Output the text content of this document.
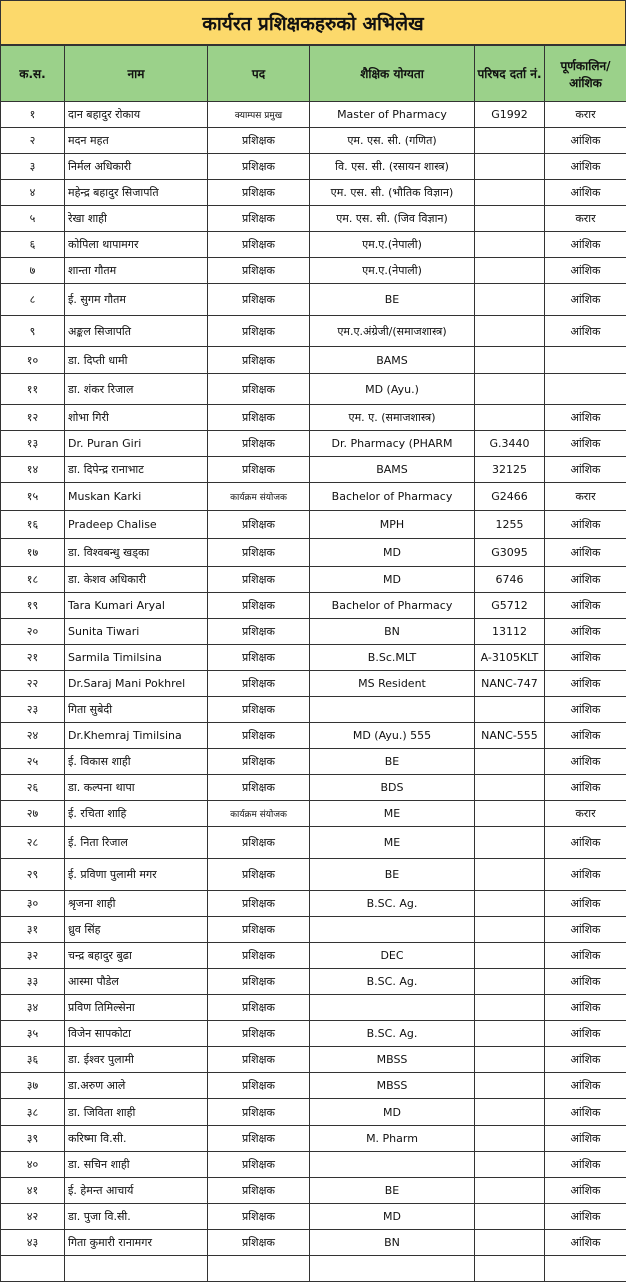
कार्यरत प्रशिक्षकहरुको अभिलेख
क.स.	नाम	पद	शैक्षिक योग्यता	परिषद दर्ता नं.	पूर्णकालिन/ आंशिक
१	दान बहादुर रोकाय	क्याम्पस प्रमुख	Master of Pharmacy	G1992	करार
२	मदन महत	प्रशिक्षक	एम. एस. सी. (गणित)		आंशिक
३	निर्मल अधिकारी	प्रशिक्षक	वि. एस. सी. (रसायन शास्त्र)		आंशिक
४	महेन्द्र बहादुर सिजापति	प्रशिक्षक	एम. एस. सी. (भौतिक विज्ञान)		आंशिक
५	रेखा शाही	प्रशिक्षक	एम. एस. सी. (जिव विज्ञान)		करार
६	कोपिला थापामगर	प्रशिक्षक	एम.ए.(नेपाली)		आंशिक
७	शान्ता गौतम	प्रशिक्षक	एम.ए.(नेपाली)		आंशिक
८	ई. सुगम गौतम	प्रशिक्षक	BE		आंशिक
९	अङ्कल सिजापति	प्रशिक्षक	एम.ए.अंग्रेजी/(समाजशास्त्र)		आंशिक
१०	डा. दिप्ती धामी	प्रशिक्षक	BAMS		
११	डा. शंकर रिजाल	प्रशिक्षक	MD (Ayu.)		
१२	शोभा गिरी	प्रशिक्षक	एम. ए. (समाजशास्त्र)		आंशिक
१३	Dr. Puran Giri	प्रशिक्षक	Dr. Pharmacy (PHARM	G.3440	आंशिक
१४	डा. दिपेन्द्र रानाभाट	प्रशिक्षक	BAMS	32125	आंशिक
१५	Muskan Karki	कार्यक्रम संयोजक	Bachelor of Pharmacy	G2466	करार
१६	Pradeep Chalise	प्रशिक्षक	MPH	1255	आंशिक
१७	डा. विश्वबन्धु खड्का	प्रशिक्षक	MD	G3095	आंशिक
१८	डा. केशव अधिकारी	प्रशिक्षक	MD	6746	आंशिक
१९	Tara Kumari Aryal	प्रशिक्षक	Bachelor of Pharmacy	G5712	आंशिक
२०	Sunita Tiwari	प्रशिक्षक	BN	13112	आंशिक
२१	Sarmila Timilsina	प्रशिक्षक	B.Sc.MLT	A-3105KLT	आंशिक
२२	Dr.Saraj Mani Pokhrel	प्रशिक्षक	MS Resident	NANC-747	आंशिक
२३	गिता सुबेदी	प्रशिक्षक			आंशिक
२४	Dr.Khemraj Timilsina	प्रशिक्षक	MD (Ayu.) 555	NANC-555	आंशिक
२५	ई. विकास शाही	प्रशिक्षक	BE		आंशिक
२६	डा. कल्पना थापा	प्रशिक्षक	BDS		आंशिक
२७	ई. रचिता शाहि	कार्यक्रम संयोजक	ME		करार
२८	ई. निता रिजाल	प्रशिक्षक	ME		आंशिक
२९	ई. प्रविणा पुलामी मगर	प्रशिक्षक	BE		आंशिक
३०	श्रृजना शाही	प्रशिक्षक	B.SC. Ag.		आंशिक
३१	ध्रुव सिंह	प्रशिक्षक			आंशिक
३२	चन्द्र बहादुर बुढा	प्रशिक्षक	DEC		आंशिक
३३	आस्मा पौडेल	प्रशिक्षक	B.SC. Ag.		आंशिक
३४	प्रविण तिमिल्सेना	प्रशिक्षक			आंशिक
३५	विजेन सापकोटा	प्रशिक्षक	B.SC. Ag.		आंशिक
३६	डा. ईश्वर पुलामी	प्रशिक्षक	MBSS		आंशिक
३७	डा.अरुण आले	प्रशिक्षक	MBSS		आंशिक
३८	डा. जिविता शाही	प्रशिक्षक	MD		आंशिक
३९	करिष्मा वि.सी.	प्रशिक्षक	M. Pharm		आंशिक
४०	डा. सचिन शाही	प्रशिक्षक			आंशिक
४१	ई. हेमन्त आचार्य	प्रशिक्षक	BE		आंशिक
४२	डा. पुजा वि.सी.	प्रशिक्षक	MD		आंशिक
४३	गिता कुमारी रानामगर	प्रशिक्षक	BN		आंशिक
